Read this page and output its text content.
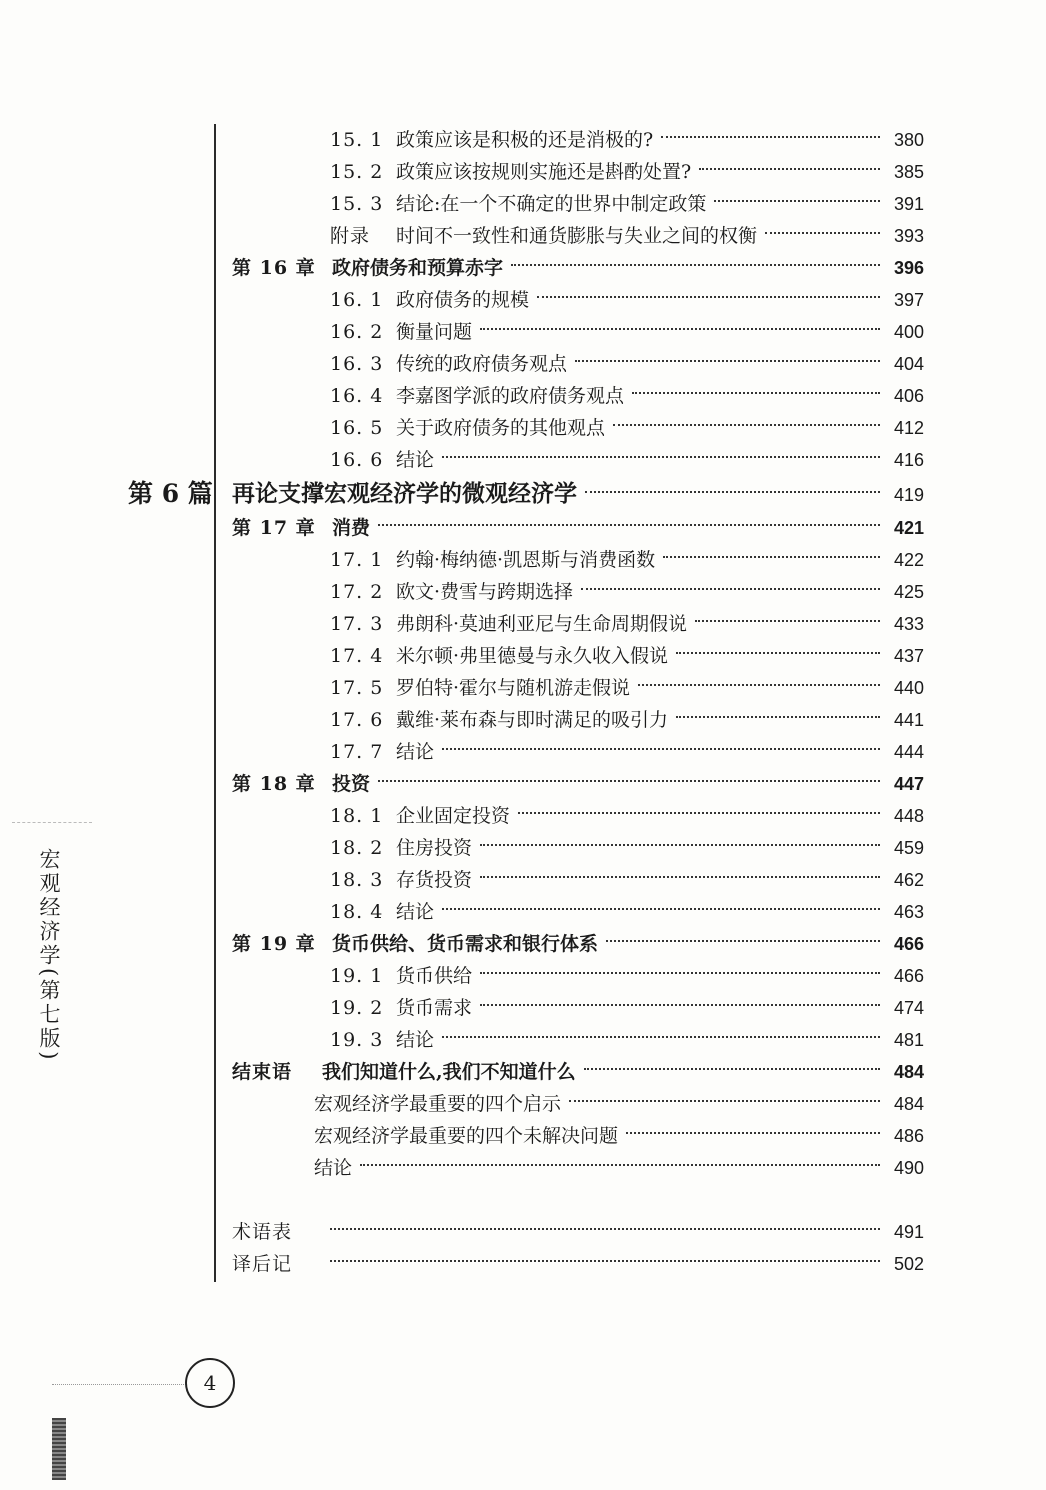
15. 1 政策应该是积极的还是消极的?	380
15. 2 政策应该按规则实施还是斟酌处置?	385
15. 3 结论:在一个不确定的世界中制定政策	391
附录	时间不一致性和通货膨胀与失业之间的权衡	393
第 16 章 政府债务和预算赤字	396
16. 1 政府债务的规模	397
16. 2 衡量问题	400
16. 3 传统的政府债务观点	404
16. 4 李嘉图学派的政府债务观点	406
16. 5 关于政府债务的其他观点	412
16. 6 结论	416
第 6 篇 再论支撑宏观经济学的微观经济学	419
第 17 章 消费	421
17. 1 约翰·梅纳德·凯恩斯与消费函数	422
17. 2 欧文·费雪与跨期选择	425
17. 3 弗朗科·莫迪利亚尼与生命周期假说	433
17. 4 米尔顿·弗里德曼与永久收入假说	437
17. 5 罗伯特·霍尔与随机游走假说	440
17. 6 戴维·莱布森与即时满足的吸引力	441
17. 7 结论	444
第 18 章 投资	447
18. 1 企业固定投资	448
18. 2 住房投资	459
18. 3 存货投资	462
18. 4 结论	463
第 19 章 货币供给、货币需求和银行体系	466
19. 1 货币供给	466
19. 2 货币需求	474
19. 3 结论	481
结束语	我们知道什么,我们不知道什么	484
宏观经济学最重要的四个启示	484
宏观经济学最重要的四个未解决问题	486
结论	490
术语表	491
译后记	502
宏观经济学(第七版)
4
